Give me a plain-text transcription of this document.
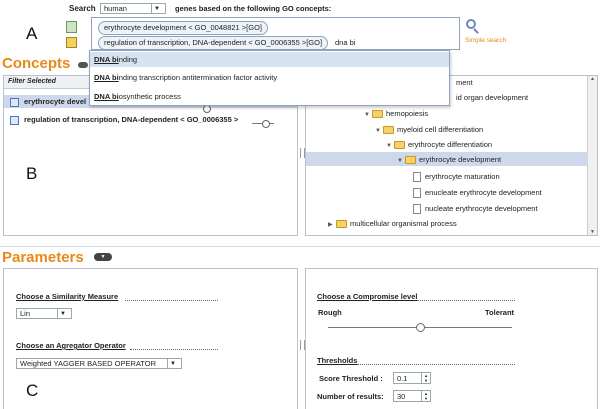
A
Search human	▼ genes based on the following GO concepts:
erythrocyte development < GO_0048821 >[GO]
regulation of transcription, DNA-dependent < GO_0006355 >[GO]	dna bi	Simple search
Concepts
Filter Selected
erythrocyte devel
regulation of transcription, DNA-dependent < GO_0006355 >
B
▲
▼
ment
id organ development
▼ hemopoiesis
▼ myeloid cell differentiation
▼ erythrocyte differentiation
▼ erythrocyte development
erythrocyte maturation
enucleate erythrocyte development
nucleate erythrocyte development
▶ multicellular organismal process
DNA binding
DNA binding transcription antitermination factor activity
DNA biosynthetic process
Parameters	▼
Choose a Similarity Measure
Lin	▼
Choose an Agregator Operator
Weighted YAGGER BASED OPERATOR	▼
C
Choose a Compromise level
Rough	Tolerant
Thresholds
Score Threshold :	0.1	▲
▼
Number of results:	30	▲
▼
